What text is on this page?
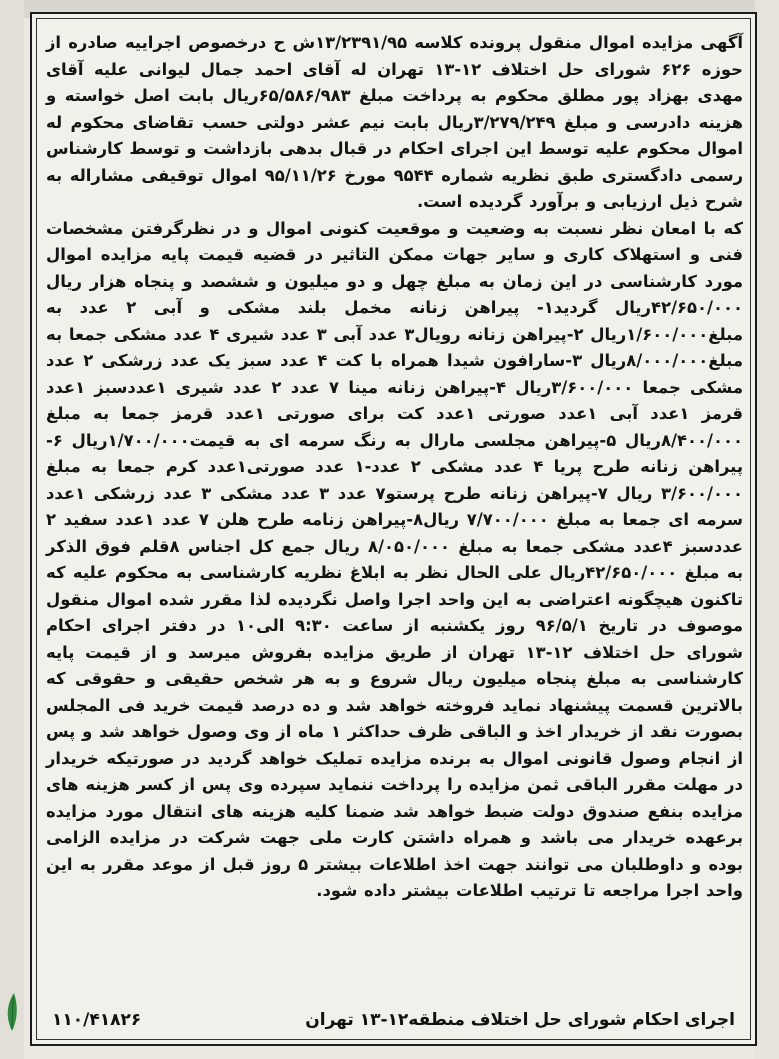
آگهی مزایده اموال منقول پرونده کلاسه ۱۳/۲۳۹۱/۹۵ش ح درخصوص اجراییه صادره از حوزه ۶۲۶ شورای حل اختلاف ۱۲-۱۳ تهران له آقای احمد جمال لیوانی علیه آقای مهدی بهزاد پور مطلق محکوم به پرداخت مبلغ ۶۵/۵۸۶/۹۸۳ریال بابت اصل خواسته و هزینه دادرسی و مبلغ ۳/۲۷۹/۲۴۹ریال بابت نیم عشر دولتی حسب تقاضای محکوم له اموال محکوم علیه توسط این اجرای احکام در قبال بدهی بازداشت و توسط کارشناس رسمی دادگستری طبق نظریه شماره ۹۵۴۴ مورخ ۹۵/۱۱/۲۶ اموال توقیفی مشاراله به شرح ذیل ارزیابی و برآورد گردیده است.

که با امعان نظر نسبت به وضعیت و موقعیت کنونی اموال و در نظرگرفتن مشخصات فنی و استهلاک کاری و سایر جهات ممکن التاثیر در قضیه قیمت پایه مزایده اموال مورد کارشناسی در این زمان به مبلغ چهل و دو میلیون و ششصد و پنجاه هزار ریال ۴۲/۶۵۰/۰۰۰ریال گردید۱- پیراهن زنانه مخمل بلند مشکی و آبی ۲ عدد به مبلغ۱/۶۰۰/۰۰۰ریال ۲-پیراهن زنانه رویال۳ عدد آبی ۳ عدد شیری ۴ عدد مشکی جمعا به مبلغ۸/۰۰۰/۰۰۰ریال ۳-سارافون شیدا همراه با کت ۴ عدد سبز یک عدد زرشکی ۲ عدد مشکی جمعا ۳/۶۰۰/۰۰۰ریال ۴-پیراهن زنانه مینا ۷ عدد ۲ عدد شیری ۱عددسبز ۱عدد قرمز ۱عدد آبی ۱عدد صورتی ۱عدد کت برای صورتی ۱عدد قرمز جمعا به مبلغ ۸/۴۰۰/۰۰۰ریال ۵-پیراهن مجلسی مارال به رنگ سرمه ای به قیمت۱/۷۰۰/۰۰۰ریال ۶-پیراهن زنانه طرح پریا ۴ عدد مشکی ۲ عدد-۱ عدد صورتی۱عدد کرم جمعا به مبلغ ۳/۶۰۰/۰۰۰ ریال ۷-پیراهن زنانه طرح پرستو۷ عدد ۳ عدد مشکی ۳ عدد زرشکی ۱عدد سرمه ای جمعا به مبلغ ۷/۷۰۰/۰۰۰ ریال۸-پیراهن زنامه طرح هلن ۷ عدد ۱عدد سفید ۲ عددسبز ۴عدد مشکی جمعا به مبلغ ۸/۰۵۰/۰۰۰ ریال جمع کل اجناس ۸قلم فوق الذکر به مبلغ ۴۲/۶۵۰/۰۰۰ریال علی الحال نظر به ابلاغ نظریه کارشناسی به محکوم علیه که تاکنون هیچگونه اعتراضی به این واحد اجرا واصل نگردیده لذا مقرر شده اموال منقول موصوف در تاریخ ۹۶/۵/۱ روز یکشنبه از ساعت ۹:۳۰ الی۱۰ در دفتر اجرای احکام شورای حل اختلاف ۱۲-۱۳ تهران از طریق مزایده بفروش میرسد و از قیمت پایه کارشناسی به مبلغ پنجاه میلیون ریال شروع و به هر شخص حقیقی و حقوقی که بالاترین قسمت پیشنهاد نماید فروخته خواهد شد و ده درصد قیمت خرید فی المجلس بصورت نقد از خریدار اخذ و الباقی ظرف حداکثر ۱ ماه از وی وصول خواهد شد و پس از انجام وصول قانونی اموال به برنده مزایده تملیک خواهد گردید در صورتیکه خریدار در مهلت مقرر الباقی ثمن مزایده را پرداخت ننماید سپرده وی پس از کسر هزینه های مزایده بنفع صندوق دولت ضبط خواهد شد ضمنا کلیه هزینه های انتقال مورد مزایده برعهده خریدار می باشد و همراه داشتن کارت ملی جهت شرکت در مزایده الزامی بوده و داوطلبان می توانند جهت اخذ اطلاعات بیشتر ۵ روز قبل از موعد مقرر به این واحد اجرا مراجعه تا ترتیب اطلاعات بیشتر داده شود.

اجرای احکام شورای حل اختلاف منطقه۱۲-۱۳ تهران
۱۱۰/۴۱۸۲۶
